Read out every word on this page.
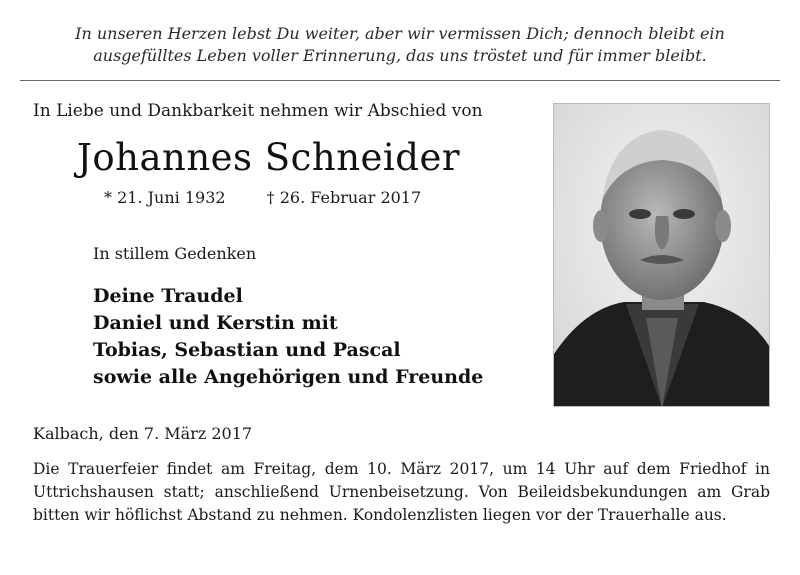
In unseren Herzen lebst Du weiter, aber wir vermissen Dich; dennoch bleibt ein
ausgefülltes Leben voller Erinnerung, das uns tröstet und für immer bleibt.
In Liebe und Dankbarkeit nehmen wir Abschied von
Johannes Schneider
* 21. Juni 1932	† 26. Februar 2017
In stillem Gedenken
Deine Traudel
Daniel und Kerstin mit
Tobias, Sebastian und Pascal
sowie alle Angehörigen und Freunde
Kalbach, den 7. März 2017

Die Trauerfeier findet am Freitag, dem 10. März 2017, um 14 Uhr auf dem Friedhof in Uttrichshausen statt; anschließend Urnenbeisetzung. Von Beileidsbekundungen am Grab bitten wir höflichst Abstand zu nehmen. Kondolenzlisten liegen vor der Trauerhalle aus.
